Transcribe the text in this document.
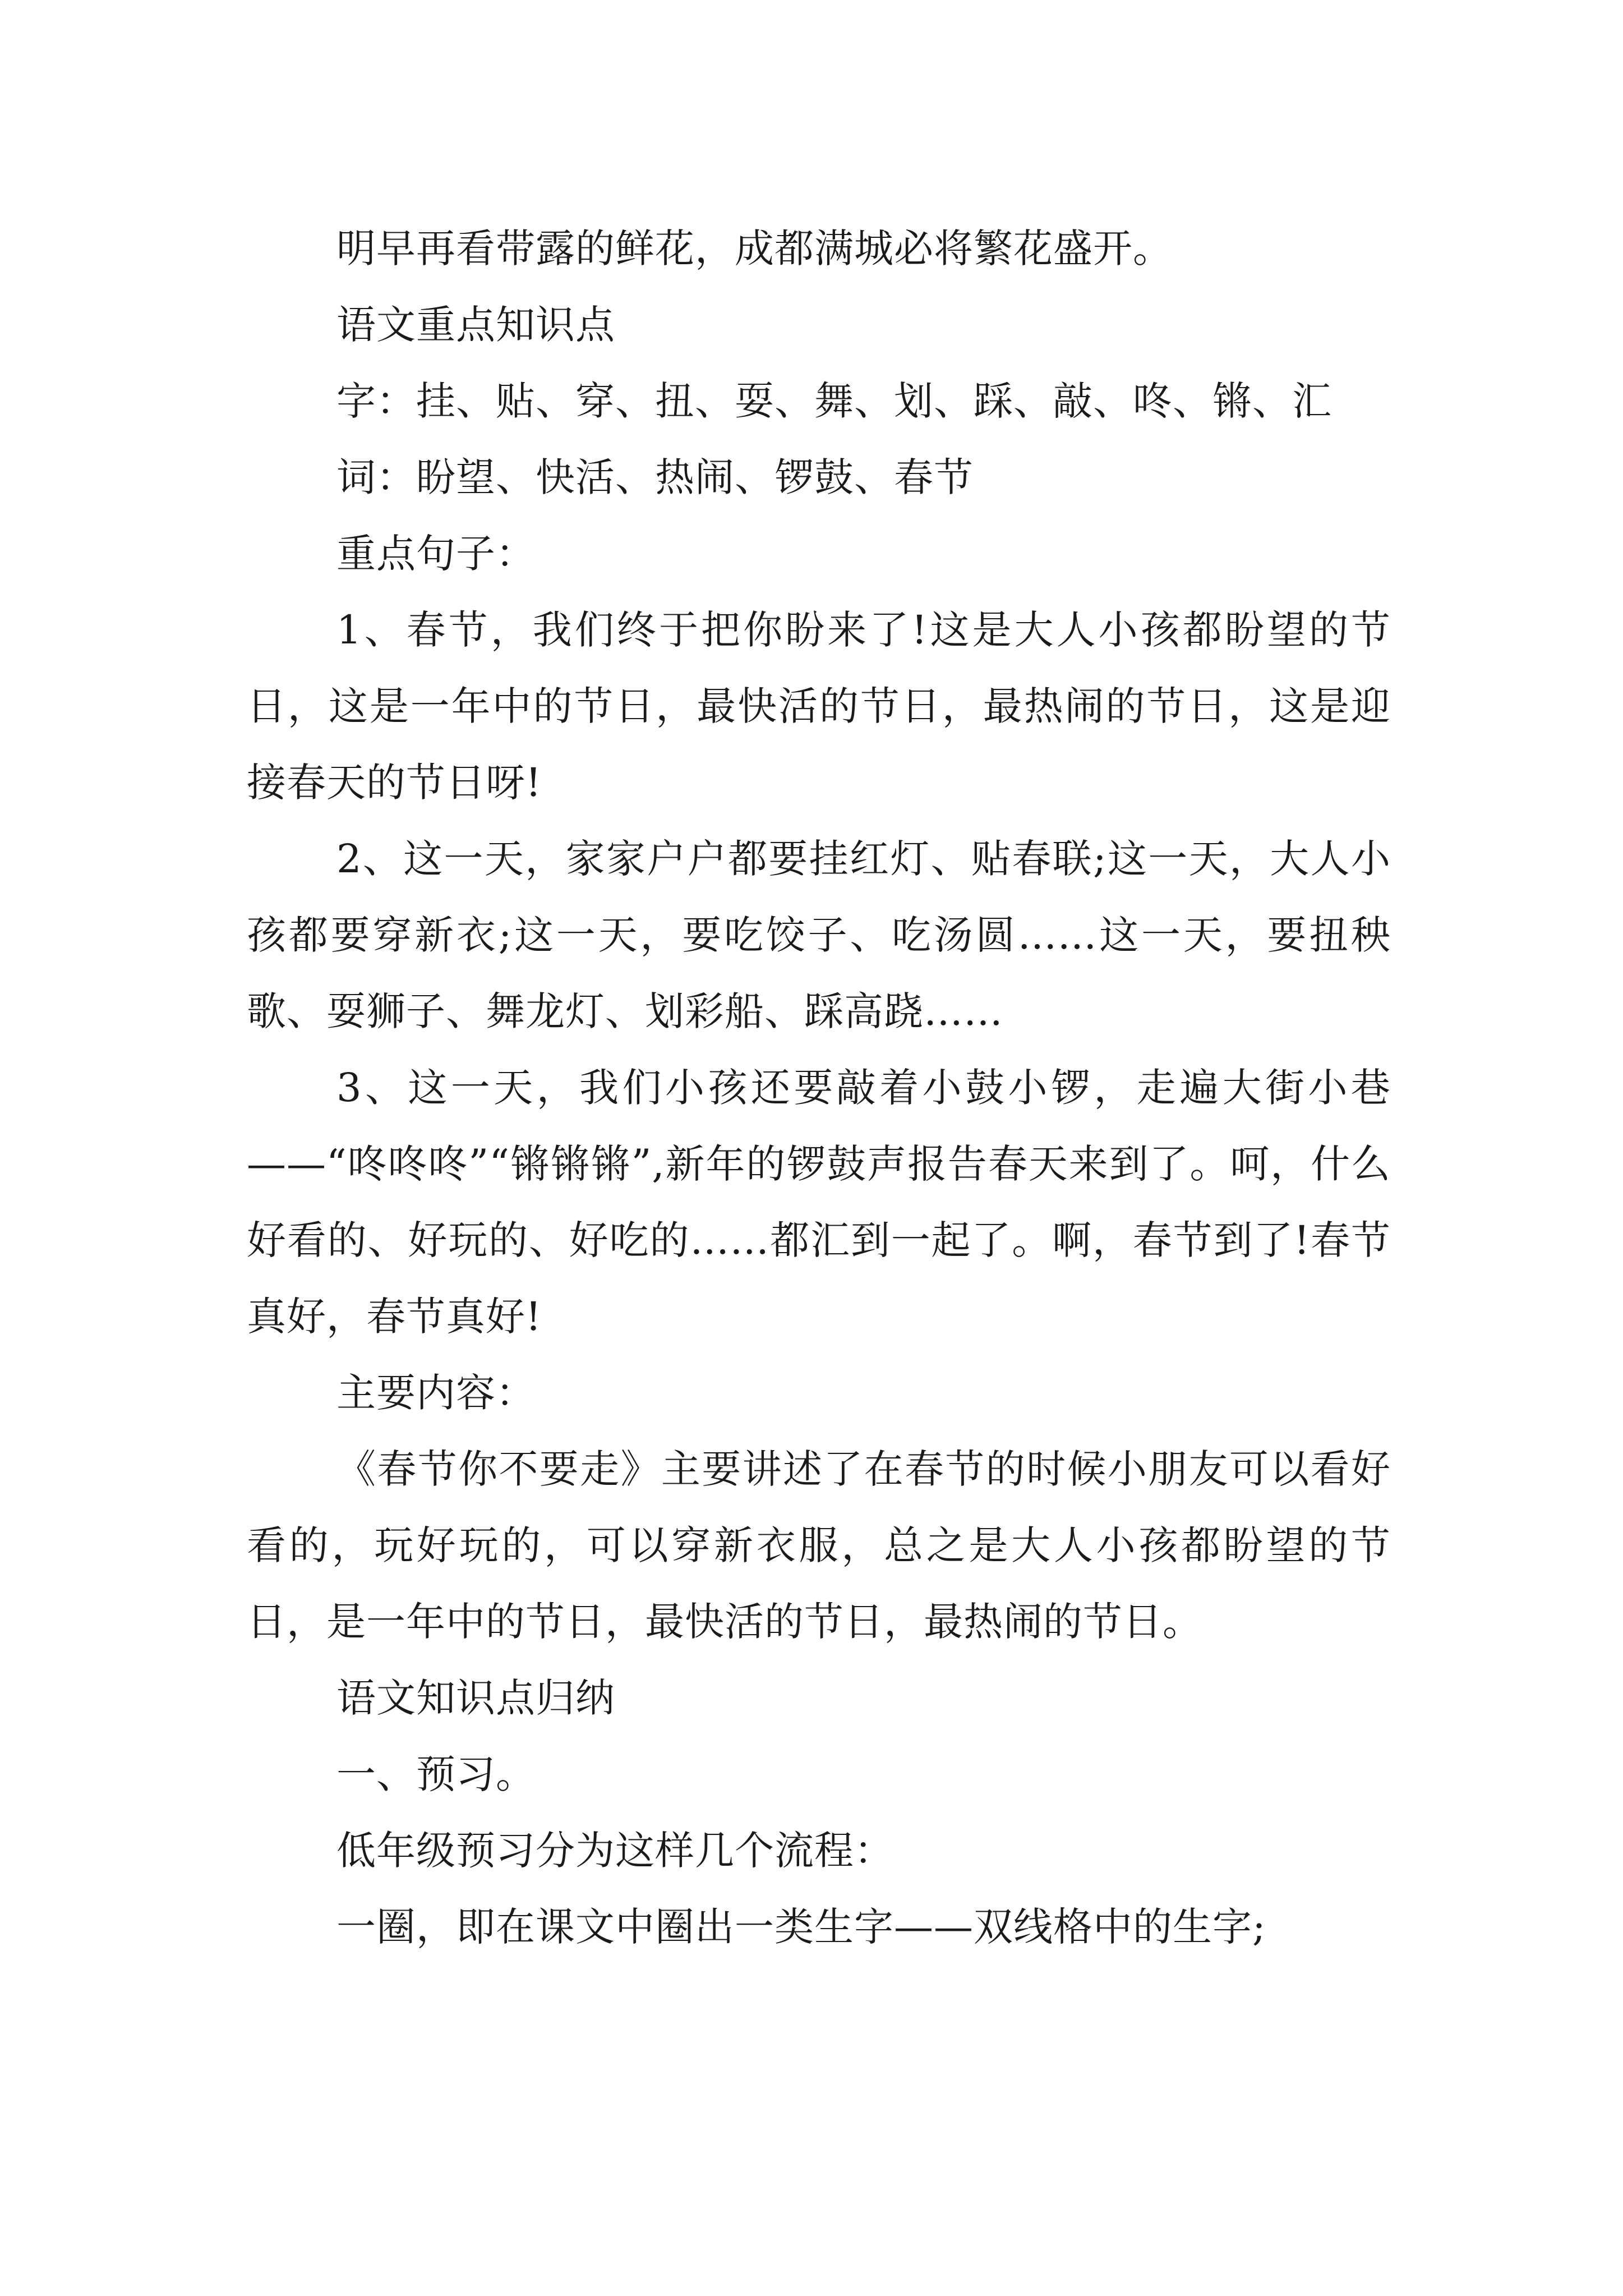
明早再看带露的鲜花，成都满城必将繁花盛开。

语文重点知识点

字：挂、贴、穿、扭、耍、舞、划、踩、敲、咚、锵、汇

词：盼望、快活、热闹、锣鼓、春节

重点句子：

1、春节，我们终于把你盼来了!这是大人小孩都盼望的节日，这是一年中的节日，最快活的节日，最热闹的节日，这是迎接春天的节日呀!

2、这一天，家家户户都要挂红灯、贴春联;这一天，大人小孩都要穿新衣;这一天，要吃饺子、吃汤圆……这一天，要扭秧歌、耍狮子、舞龙灯、划彩船、踩高跷……

3、这一天，我们小孩还要敲着小鼓小锣，走遍大街小巷——“咚咚咚”“锵锵锵”,新年的锣鼓声报告春天来到了。呵，什么好看的、好玩的、好吃的……都汇到一起了。啊，春节到了!春节真好，春节真好!

主要内容：

《春节你不要走》主要讲述了在春节的时候小朋友可以看好看的，玩好玩的，可以穿新衣服，总之是大人小孩都盼望的节日，是一年中的节日，最快活的节日，最热闹的节日。

语文知识点归纳

一、预习。

低年级预习分为这样几个流程：

一圈，即在课文中圈出一类生字——双线格中的生字;
